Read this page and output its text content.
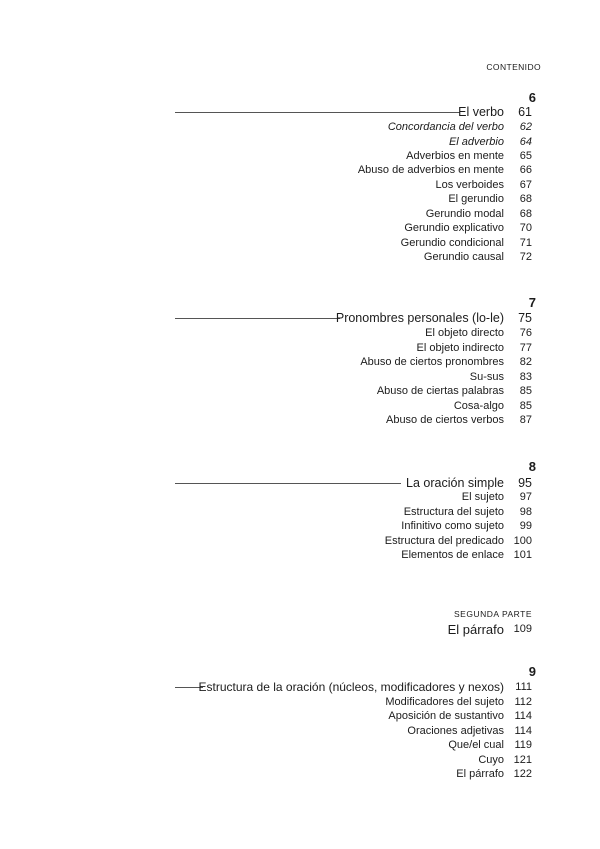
CONTENIDO
6
El verbo 61
Concordancia del verbo 62
El adverbio 64
Adverbios en mente 65
Abuso de adverbios en mente 66
Los verboides 67
El gerundio 68
Gerundio modal 68
Gerundio explicativo 70
Gerundio condicional 71
Gerundio causal 72
7
Pronombres personales (lo-le) 75
El objeto directo 76
El objeto indirecto 77
Abuso de ciertos pronombres 82
Su-sus 83
Abuso de ciertas palabras 85
Cosa-algo 85
Abuso de ciertos verbos 87
8
La oración simple 95
El sujeto 97
Estructura del sujeto 98
Infinitivo como sujeto 99
Estructura del predicado 100
Elementos de enlace 101
SEGUNDA PARTE
El párrafo 109
9
Estructura de la oración (núcleos, modificadores y nexos) 111
Modificadores del sujeto 112
Aposición de sustantivo 114
Oraciones adjetivas 114
Que/el cual 119
Cuyo 121
El párrafo 122
